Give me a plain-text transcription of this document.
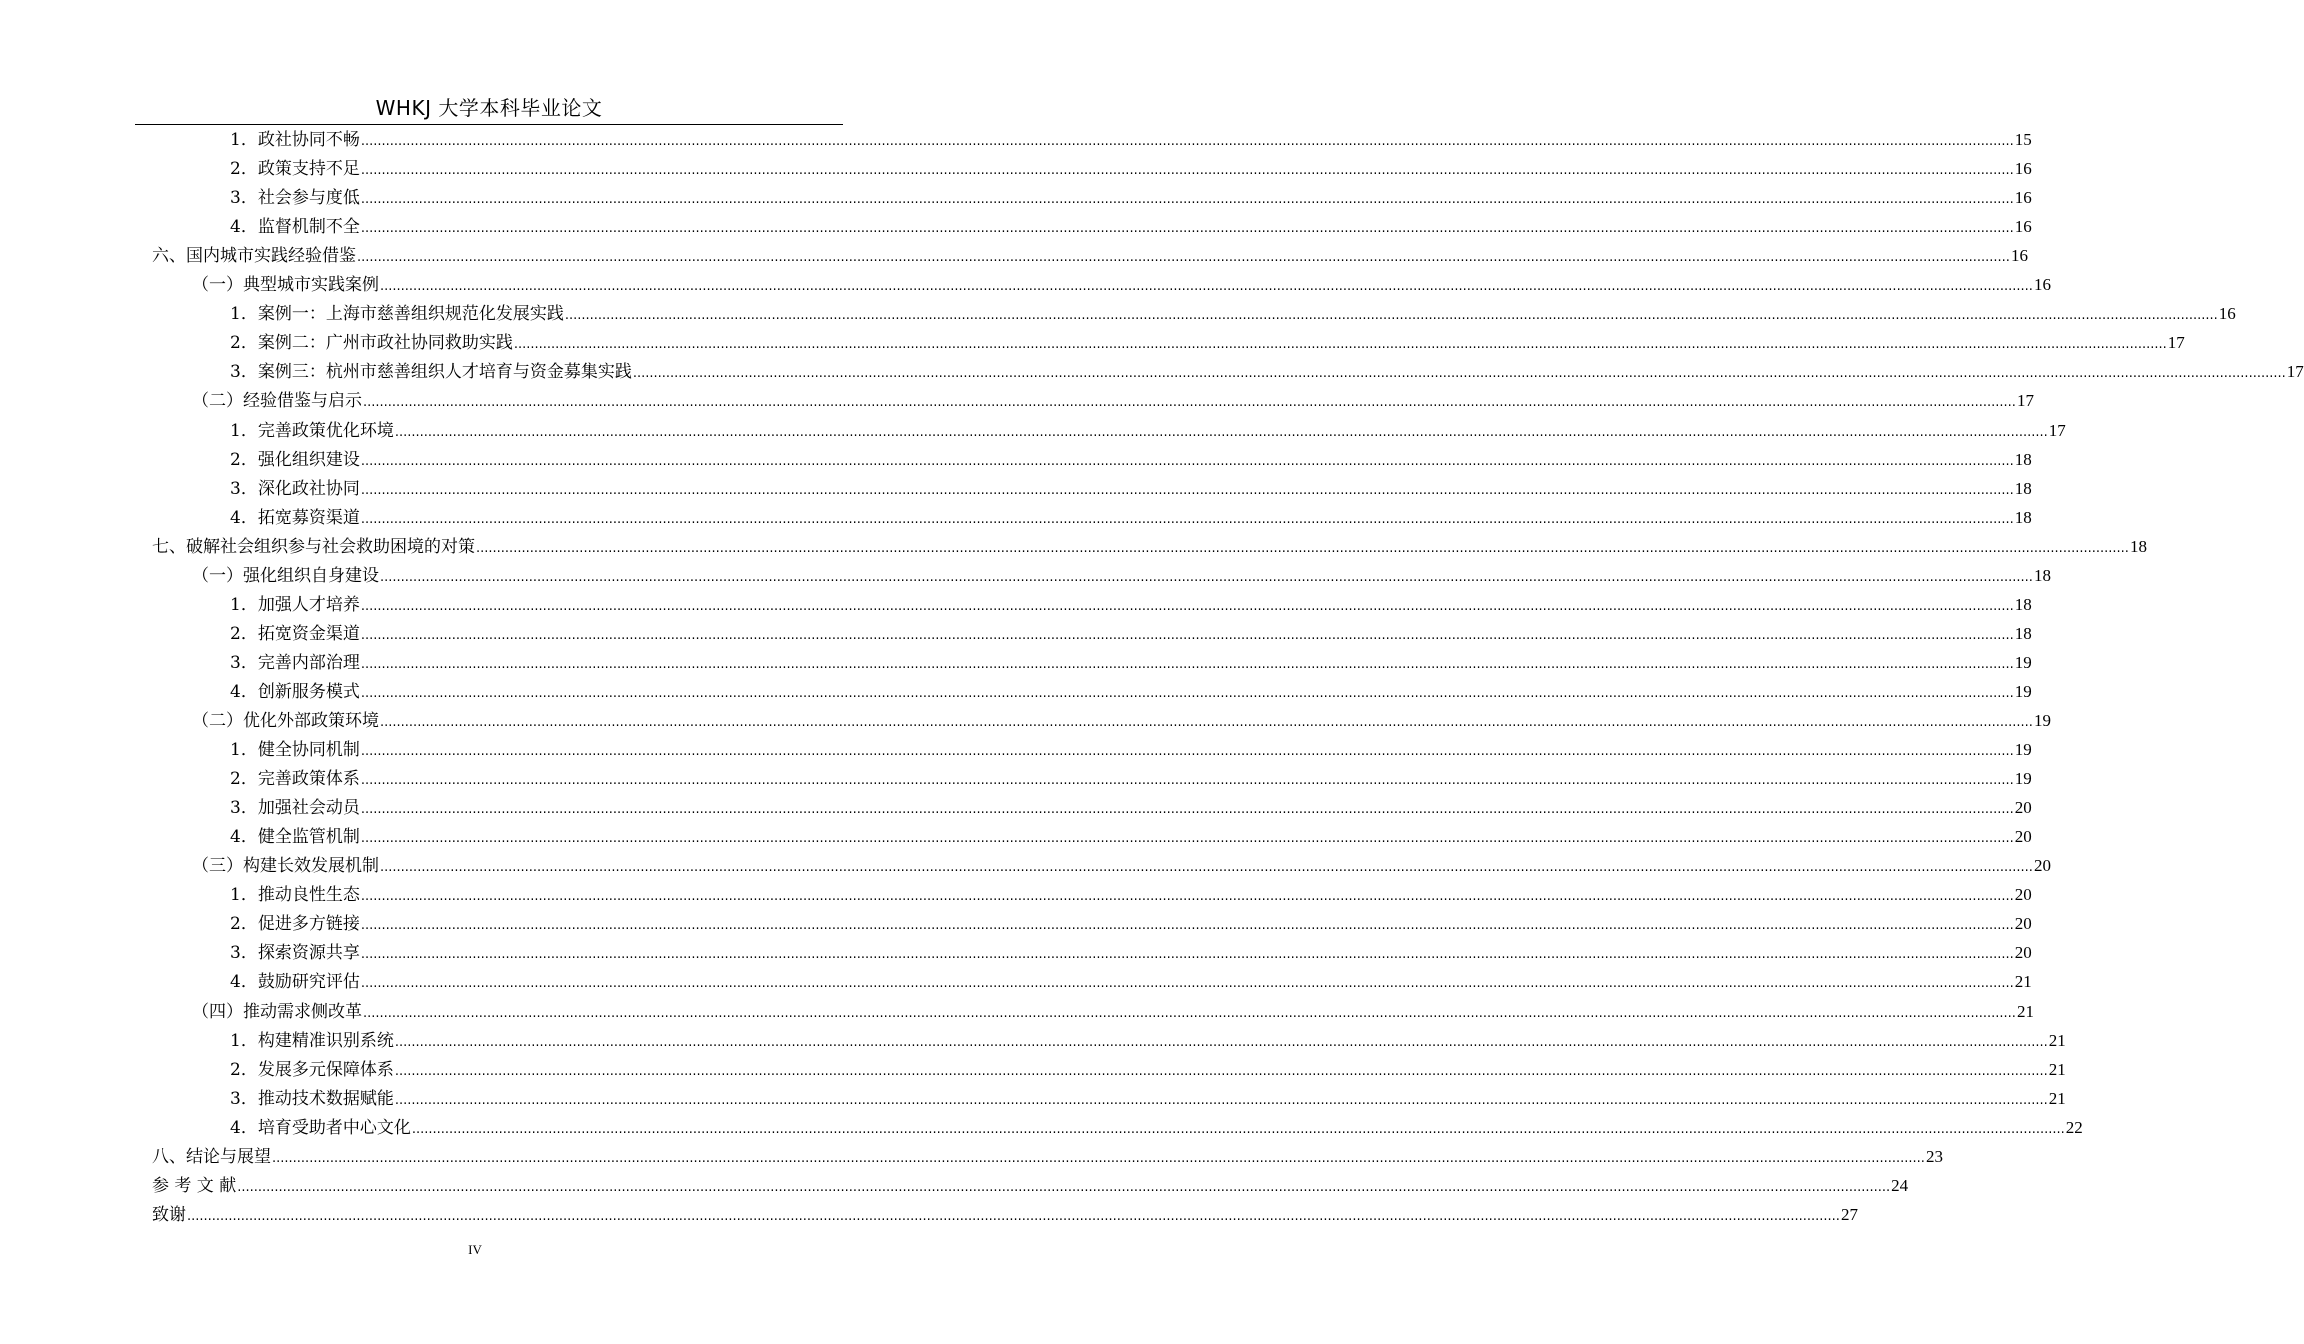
WHKJ 大学本科毕业论文
1．政社协同不畅 ................................................................................................................................................................................................................................................................................................................................................................................................................ 15
2．政策支持不足 ................................................................................................................................................................................................................................................................................................................................................................................................................ 16
3．社会参与度低 ................................................................................................................................................................................................................................................................................................................................................................................................................ 16
4．监督机制不全 ................................................................................................................................................................................................................................................................................................................................................................................................................ 16
六、国内城市实践经验借鉴 ................................................................................................................................................................................................................................................................................................................................................................................................................ 16
（一）典型城市实践案例 ................................................................................................................................................................................................................................................................................................................................................................................................................ 16
1．案例一：上海市慈善组织规范化发展实践 ................................................................................................................................................................................................................................................................................................................................................................................................................ 16
2．案例二：广州市政社协同救助实践 ................................................................................................................................................................................................................................................................................................................................................................................................................ 17
3．案例三：杭州市慈善组织人才培育与资金募集实践 ................................................................................................................................................................................................................................................................................................................................................................................................................ 17
（二）经验借鉴与启示 ................................................................................................................................................................................................................................................................................................................................................................................................................ 17
1．完善政策优化环境 ................................................................................................................................................................................................................................................................................................................................................................................................................ 17
2．强化组织建设 ................................................................................................................................................................................................................................................................................................................................................................................................................ 18
3．深化政社协同 ................................................................................................................................................................................................................................................................................................................................................................................................................ 18
4．拓宽募资渠道 ................................................................................................................................................................................................................................................................................................................................................................................................................ 18
七、破解社会组织参与社会救助困境的对策 ................................................................................................................................................................................................................................................................................................................................................................................................................ 18
（一）强化组织自身建设 ................................................................................................................................................................................................................................................................................................................................................................................................................ 18
1．加强人才培养 ................................................................................................................................................................................................................................................................................................................................................................................................................ 18
2．拓宽资金渠道 ................................................................................................................................................................................................................................................................................................................................................................................................................ 18
3．完善内部治理 ................................................................................................................................................................................................................................................................................................................................................................................................................ 19
4．创新服务模式 ................................................................................................................................................................................................................................................................................................................................................................................................................ 19
（二）优化外部政策环境 ................................................................................................................................................................................................................................................................................................................................................................................................................ 19
1．健全协同机制 ................................................................................................................................................................................................................................................................................................................................................................................................................ 19
2．完善政策体系 ................................................................................................................................................................................................................................................................................................................................................................................................................ 19
3．加强社会动员 ................................................................................................................................................................................................................................................................................................................................................................................................................ 20
4．健全监管机制 ................................................................................................................................................................................................................................................................................................................................................................................................................ 20
（三）构建长效发展机制 ................................................................................................................................................................................................................................................................................................................................................................................................................ 20
1．推动良性生态 ................................................................................................................................................................................................................................................................................................................................................................................................................ 20
2．促进多方链接 ................................................................................................................................................................................................................................................................................................................................................................................................................ 20
3．探索资源共享 ................................................................................................................................................................................................................................................................................................................................................................................................................ 20
4．鼓励研究评估 ................................................................................................................................................................................................................................................................................................................................................................................................................ 21
（四）推动需求侧改革 ................................................................................................................................................................................................................................................................................................................................................................................................................ 21
1．构建精准识别系统 ................................................................................................................................................................................................................................................................................................................................................................................................................ 21
2．发展多元保障体系 ................................................................................................................................................................................................................................................................................................................................................................................................................ 21
3．推动技术数据赋能 ................................................................................................................................................................................................................................................................................................................................................................................................................ 21
4．培育受助者中心文化 ................................................................................................................................................................................................................................................................................................................................................................................................................ 22
八、结论与展望 ................................................................................................................................................................................................................................................................................................................................................................................................................ 23
参 考 文 献 ................................................................................................................................................................................................................................................................................................................................................................................................................ 24
致谢 ................................................................................................................................................................................................................................................................................................................................................................................................................ 27
IV
